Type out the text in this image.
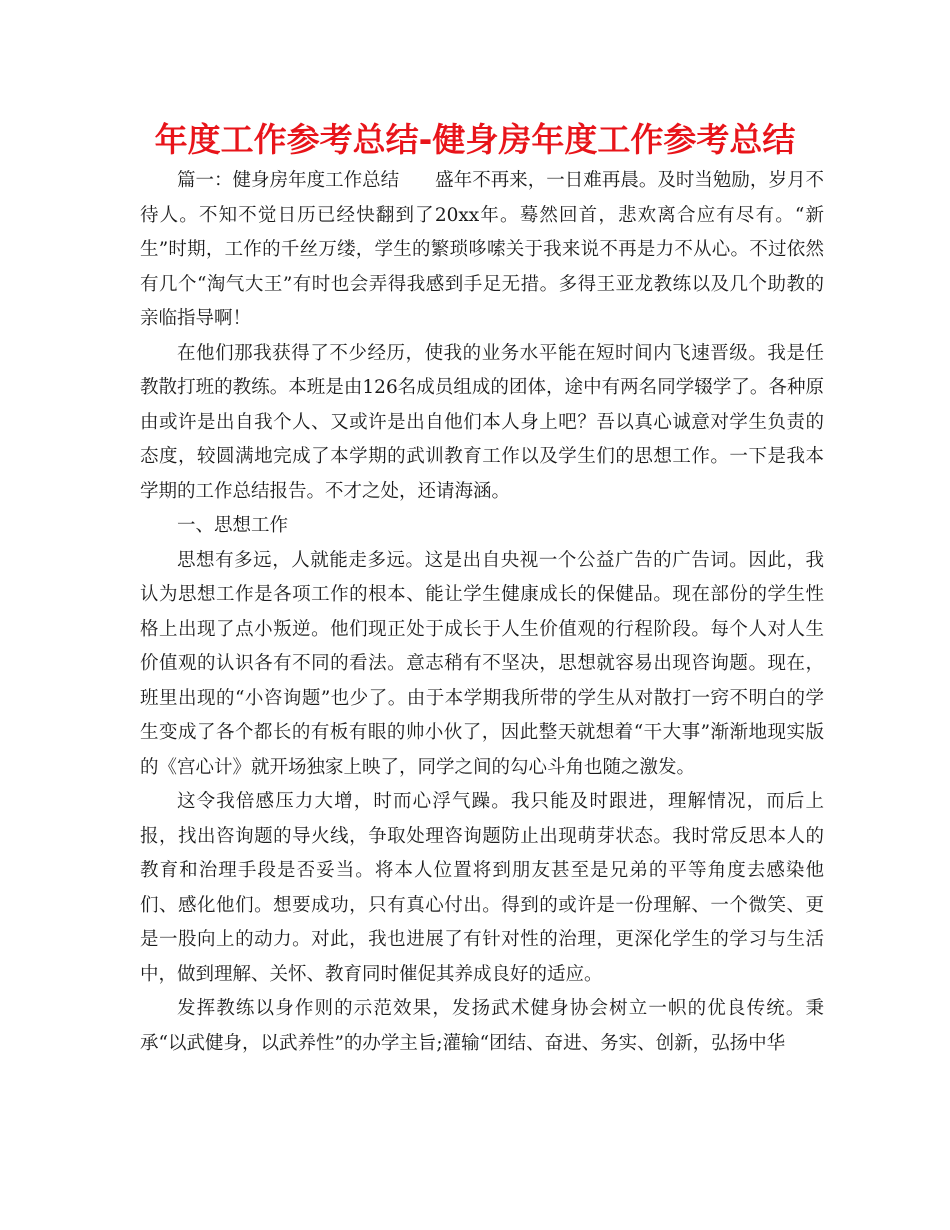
年度工作参考总结-健身房年度工作参考总结

篇一：健身房年度工作总结 盛年不再来，一日难再晨。及时当勉励，岁月不待人。不知不觉日历已经快翻到了20xx年。蓦然回首，悲欢离合应有尽有。“新生”时期，工作的千丝万缕，学生的繁琐哆嗦关于我来说不再是力不从心。不过依然有几个“淘气大王”有时也会弄得我感到手足无措。多得王亚龙教练以及几个助教的亲临指导啊！

在他们那我获得了不少经历，使我的业务水平能在短时间内飞速晋级。我是任教散打班的教练。本班是由126名成员组成的团体，途中有两名同学辍学了。各种原由或许是出自我个人、又或许是出自他们本人身上吧？吾以真心诚意对学生负责的态度，较圆满地完成了本学期的武训教育工作以及学生们的思想工作。一下是我本学期的工作总结报告。不才之处，还请海涵。

一、思想工作

思想有多远，人就能走多远。这是出自央视一个公益广告的广告词。因此，我认为思想工作是各项工作的根本、能让学生健康成长的保健品。现在部份的学生性格上出现了点小叛逆。他们现正处于成长于人生价值观的行程阶段。每个人对人生价值观的认识各有不同的看法。意志稍有不坚决，思想就容易出现咨询题。现在，班里出现的“小咨询题”也少了。由于本学期我所带的学生从对散打一窍不明白的学生变成了各个都长的有板有眼的帅小伙了，因此整天就想着“干大事”渐渐地现实版的《宫心计》就开场独家上映了，同学之间的勾心斗角也随之激发。

这令我倍感压力大增，时而心浮气躁。我只能及时跟进，理解情况，而后上报，找出咨询题的导火线，争取处理咨询题防止出现萌芽状态。我时常反思本人的教育和治理手段是否妥当。将本人位置将到朋友甚至是兄弟的平等角度去感染他们、感化他们。想要成功，只有真心付出。得到的或许是一份理解、一个微笑、更是一股向上的动力。对此，我也进展了有针对性的治理，更深化学生的学习与生活中，做到理解、关怀、教育同时催促其养成良好的适应。

发挥教练以身作则的示范效果，发扬武术健身协会树立一帜的优良传统。秉承“以武健身，以武养性”的办学主旨;灌输“团结、奋进、务实、创新，弘扬中华
